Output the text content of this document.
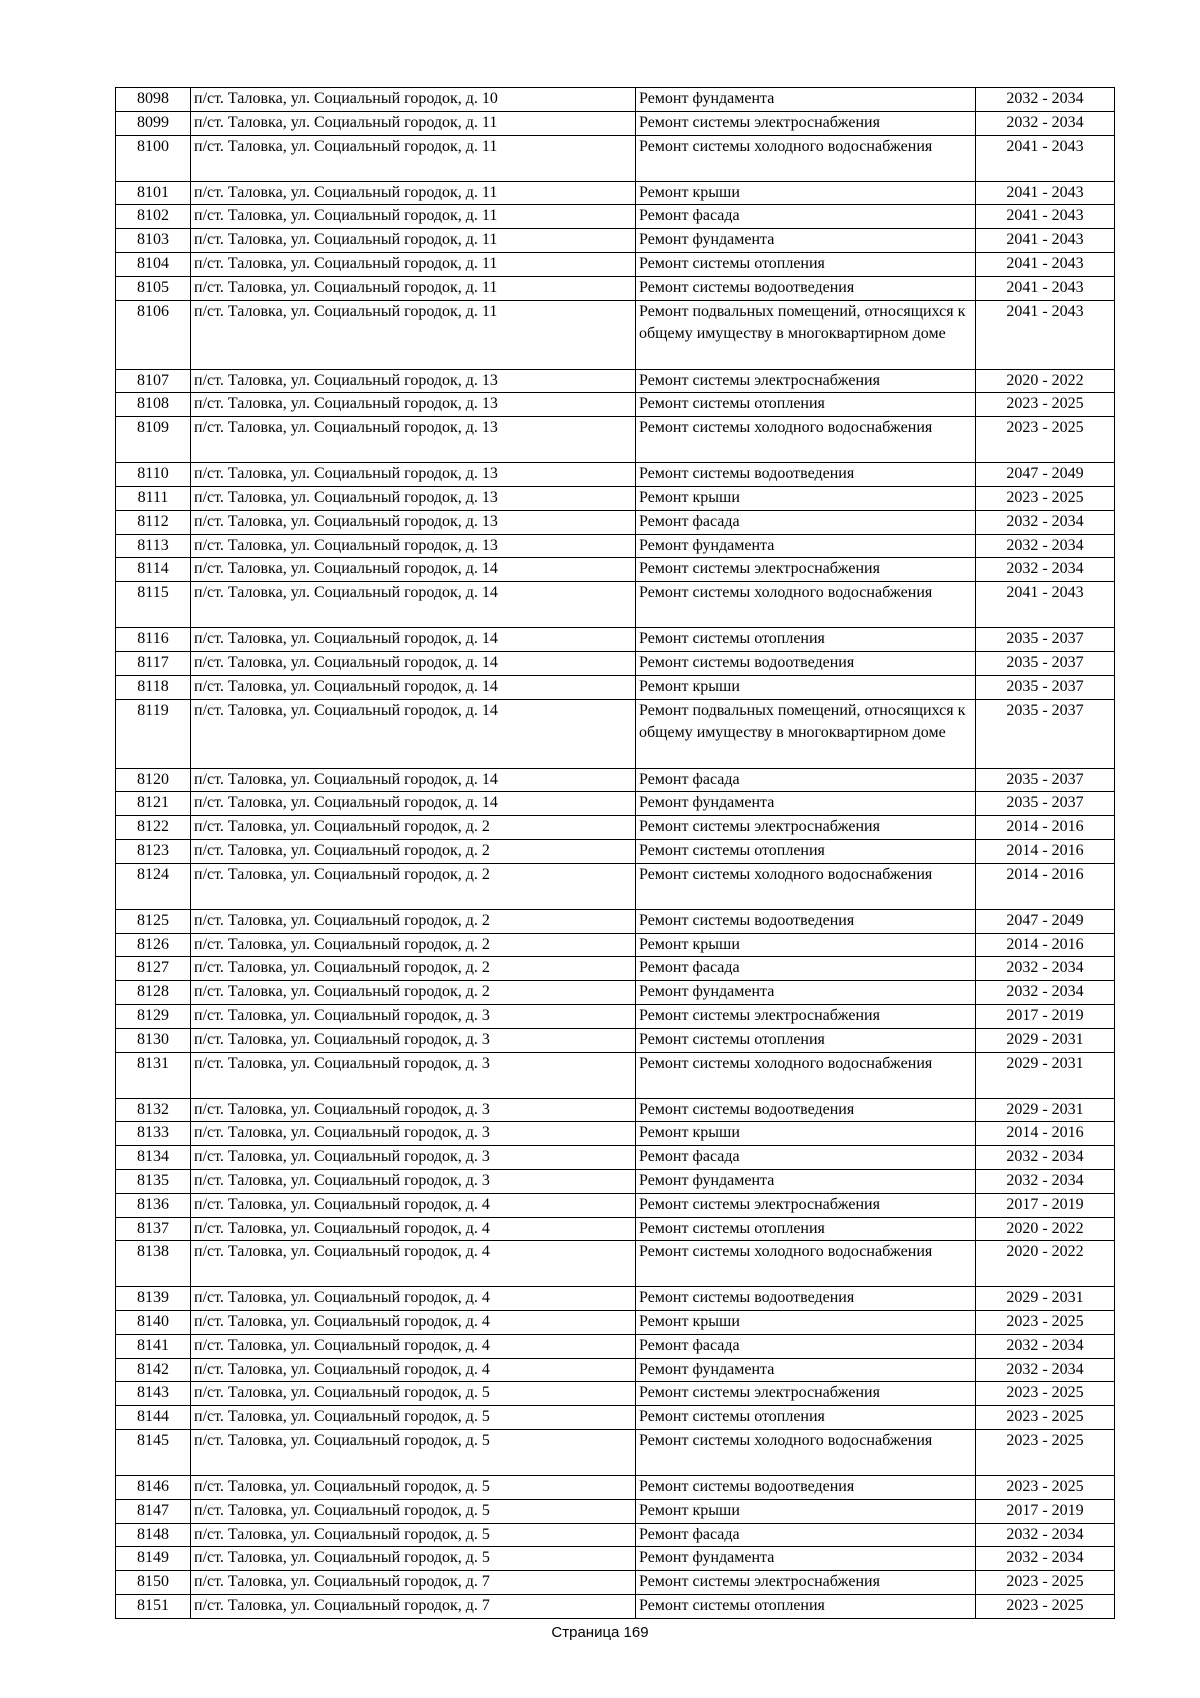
8098	п/ст. Таловка, ул. Социальный городок, д. 10	Ремонт фундамента	2032 - 2034
8099	п/ст. Таловка, ул. Социальный городок, д. 11	Ремонт системы электроснабжения	2032 - 2034
8100	п/ст. Таловка, ул. Социальный городок, д. 11	Ремонт системы холодного водоснабжения	2041 - 2043
8101	п/ст. Таловка, ул. Социальный городок, д. 11	Ремонт крыши	2041 - 2043
8102	п/ст. Таловка, ул. Социальный городок, д. 11	Ремонт фасада	2041 - 2043
8103	п/ст. Таловка, ул. Социальный городок, д. 11	Ремонт фундамента	2041 - 2043
8104	п/ст. Таловка, ул. Социальный городок, д. 11	Ремонт системы отопления	2041 - 2043
8105	п/ст. Таловка, ул. Социальный городок, д. 11	Ремонт системы водоотведения	2041 - 2043
8106	п/ст. Таловка, ул. Социальный городок, д. 11	Ремонт подвальных помещений, относящихся к общему имуществу в многоквартирном доме	2041 - 2043
8107	п/ст. Таловка, ул. Социальный городок, д. 13	Ремонт системы электроснабжения	2020 - 2022
8108	п/ст. Таловка, ул. Социальный городок, д. 13	Ремонт системы отопления	2023 - 2025
8109	п/ст. Таловка, ул. Социальный городок, д. 13	Ремонт системы холодного водоснабжения	2023 - 2025
8110	п/ст. Таловка, ул. Социальный городок, д. 13	Ремонт системы водоотведения	2047 - 2049
8111	п/ст. Таловка, ул. Социальный городок, д. 13	Ремонт крыши	2023 - 2025
8112	п/ст. Таловка, ул. Социальный городок, д. 13	Ремонт фасада	2032 - 2034
8113	п/ст. Таловка, ул. Социальный городок, д. 13	Ремонт фундамента	2032 - 2034
8114	п/ст. Таловка, ул. Социальный городок, д. 14	Ремонт системы электроснабжения	2032 - 2034
8115	п/ст. Таловка, ул. Социальный городок, д. 14	Ремонт системы холодного водоснабжения	2041 - 2043
8116	п/ст. Таловка, ул. Социальный городок, д. 14	Ремонт системы отопления	2035 - 2037
8117	п/ст. Таловка, ул. Социальный городок, д. 14	Ремонт системы водоотведения	2035 - 2037
8118	п/ст. Таловка, ул. Социальный городок, д. 14	Ремонт крыши	2035 - 2037
8119	п/ст. Таловка, ул. Социальный городок, д. 14	Ремонт подвальных помещений, относящихся к общему имуществу в многоквартирном доме	2035 - 2037
8120	п/ст. Таловка, ул. Социальный городок, д. 14	Ремонт фасада	2035 - 2037
8121	п/ст. Таловка, ул. Социальный городок, д. 14	Ремонт фундамента	2035 - 2037
8122	п/ст. Таловка, ул. Социальный городок, д. 2	Ремонт системы электроснабжения	2014 - 2016
8123	п/ст. Таловка, ул. Социальный городок, д. 2	Ремонт системы отопления	2014 - 2016
8124	п/ст. Таловка, ул. Социальный городок, д. 2	Ремонт системы холодного водоснабжения	2014 - 2016
8125	п/ст. Таловка, ул. Социальный городок, д. 2	Ремонт системы водоотведения	2047 - 2049
8126	п/ст. Таловка, ул. Социальный городок, д. 2	Ремонт крыши	2014 - 2016
8127	п/ст. Таловка, ул. Социальный городок, д. 2	Ремонт фасада	2032 - 2034
8128	п/ст. Таловка, ул. Социальный городок, д. 2	Ремонт фундамента	2032 - 2034
8129	п/ст. Таловка, ул. Социальный городок, д. 3	Ремонт системы электроснабжения	2017 - 2019
8130	п/ст. Таловка, ул. Социальный городок, д. 3	Ремонт системы отопления	2029 - 2031
8131	п/ст. Таловка, ул. Социальный городок, д. 3	Ремонт системы холодного водоснабжения	2029 - 2031
8132	п/ст. Таловка, ул. Социальный городок, д. 3	Ремонт системы водоотведения	2029 - 2031
8133	п/ст. Таловка, ул. Социальный городок, д. 3	Ремонт крыши	2014 - 2016
8134	п/ст. Таловка, ул. Социальный городок, д. 3	Ремонт фасада	2032 - 2034
8135	п/ст. Таловка, ул. Социальный городок, д. 3	Ремонт фундамента	2032 - 2034
8136	п/ст. Таловка, ул. Социальный городок, д. 4	Ремонт системы электроснабжения	2017 - 2019
8137	п/ст. Таловка, ул. Социальный городок, д. 4	Ремонт системы отопления	2020 - 2022
8138	п/ст. Таловка, ул. Социальный городок, д. 4	Ремонт системы холодного водоснабжения	2020 - 2022
8139	п/ст. Таловка, ул. Социальный городок, д. 4	Ремонт системы водоотведения	2029 - 2031
8140	п/ст. Таловка, ул. Социальный городок, д. 4	Ремонт крыши	2023 - 2025
8141	п/ст. Таловка, ул. Социальный городок, д. 4	Ремонт фасада	2032 - 2034
8142	п/ст. Таловка, ул. Социальный городок, д. 4	Ремонт фундамента	2032 - 2034
8143	п/ст. Таловка, ул. Социальный городок, д. 5	Ремонт системы электроснабжения	2023 - 2025
8144	п/ст. Таловка, ул. Социальный городок, д. 5	Ремонт системы отопления	2023 - 2025
8145	п/ст. Таловка, ул. Социальный городок, д. 5	Ремонт системы холодного водоснабжения	2023 - 2025
8146	п/ст. Таловка, ул. Социальный городок, д. 5	Ремонт системы водоотведения	2023 - 2025
8147	п/ст. Таловка, ул. Социальный городок, д. 5	Ремонт крыши	2017 - 2019
8148	п/ст. Таловка, ул. Социальный городок, д. 5	Ремонт фасада	2032 - 2034
8149	п/ст. Таловка, ул. Социальный городок, д. 5	Ремонт фундамента	2032 - 2034
8150	п/ст. Таловка, ул. Социальный городок, д. 7	Ремонт системы электроснабжения	2023 - 2025
8151	п/ст. Таловка, ул. Социальный городок, д. 7	Ремонт системы отопления	2023 - 2025
Страница 169
